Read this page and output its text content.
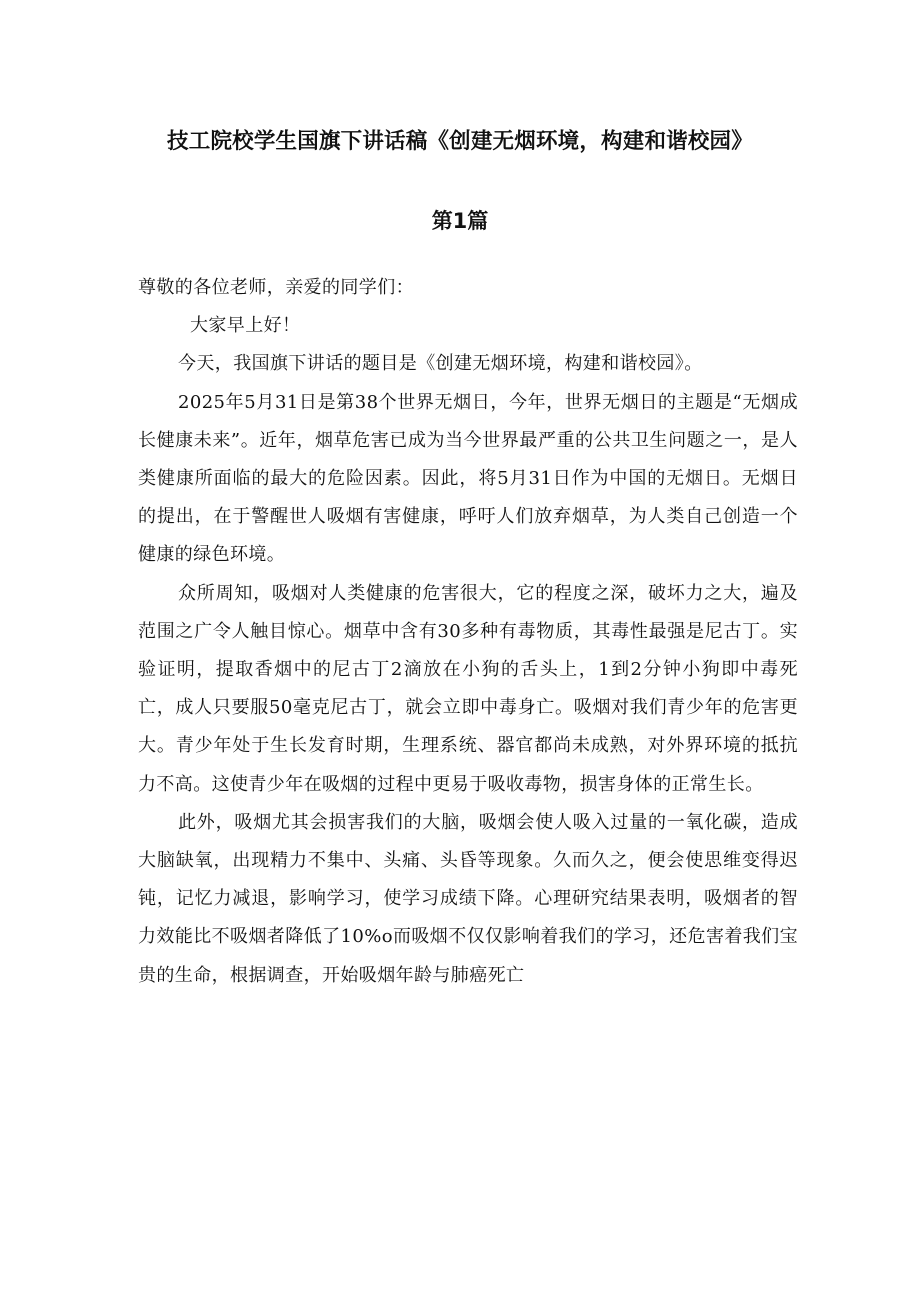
技工院校学生国旗下讲话稿《创建无烟环境，构建和谐校园》
第1篇

尊敬的各位老师，亲爱的同学们：

大家早上好！

今天，我国旗下讲话的题目是《创建无烟环境，构建和谐校园》。

2025年5月31日是第38个世界无烟日，今年，世界无烟日的主题是“无烟成长健康未来”。近年，烟草危害已成为当今世界最严重的公共卫生问题之一，是人类健康所面临的最大的危险因素。因此，将5月31日作为中国的无烟日。无烟日的提出，在于警醒世人吸烟有害健康，呼吁人们放弃烟草，为人类自己创造一个健康的绿色环境。

众所周知，吸烟对人类健康的危害很大，它的程度之深，破坏力之大，遍及范围之广令人触目惊心。烟草中含有30多种有毒物质，其毒性最强是尼古丁。实验证明，提取香烟中的尼古丁2滴放在小狗的舌头上，1到2分钟小狗即中毒死亡，成人只要服50毫克尼古丁，就会立即中毒身亡。吸烟对我们青少年的危害更大。青少年处于生长发育时期，生理系统、器官都尚未成熟，对外界环境的抵抗力不高。这使青少年在吸烟的过程中更易于吸收毒物，损害身体的正常生长。

此外，吸烟尤其会损害我们的大脑，吸烟会使人吸入过量的一氧化碳，造成大脑缺氧，出现精力不集中、头痛、头昏等现象。久而久之，便会使思维变得迟钝，记忆力减退，影响学习，使学习成绩下降。心理研究结果表明，吸烟者的智力效能比不吸烟者降低了10%o而吸烟不仅仅影响着我们的学习，还危害着我们宝贵的生命，根据调查，开始吸烟年龄与肺癌死亡
